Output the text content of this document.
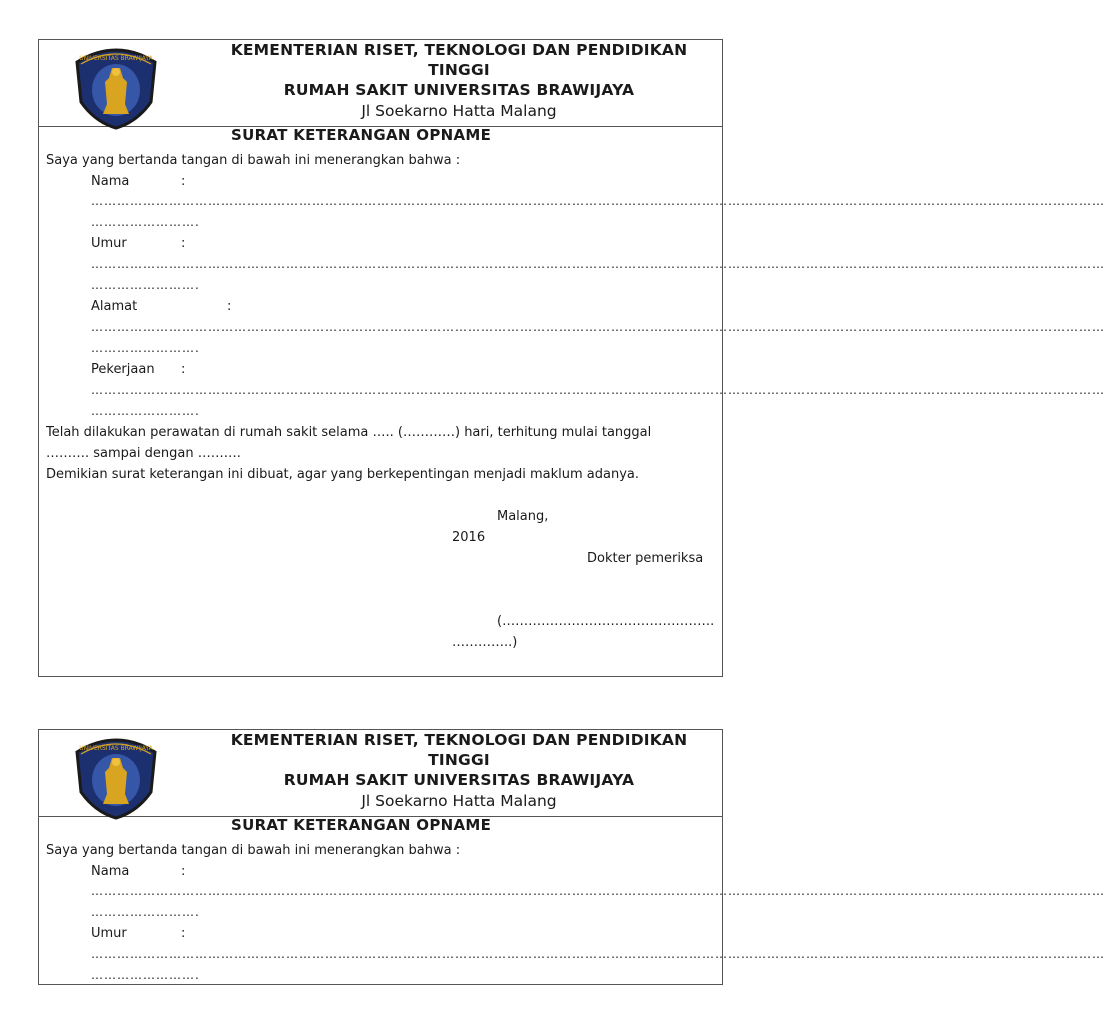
UNIVERSITAS BRAWIJAYA	KEMENTERIAN RISET, TEKNOLOGI DAN PENDIDIKAN
TINGGI
RUMAH SAKIT UNIVERSITAS BRAWIJAYA
Jl Soekarno Hatta Malang
SURAT KETERANGAN OPNAME
Saya yang bertanda tangan di bawah ini menerangkan bahwa :
Nama	:
………………………………………………………………………………………………………………………………………………………………………………………………………………
…………………….
Umur	:
………………………………………………………………………………………………………………………………………………………………………………………………………………
…………………….
Alamat	:
………………………………………………………………………………………………………………………………………………………………………………………………………………
…………………….
Pekerjaan :
………………………………………………………………………………………………………………………………………………………………………………………………………………
…………………….
Telah dilakukan perawatan di rumah sakit selama ….. (…………) hari, terhitung mulai tanggal
………. sampai dengan ……….
Demikian surat keterangan ini dibuat, agar yang berkepentingan menjadi maklum adanya.
Malang,
2016
Dokter pemeriksa
(………………………………………….
…………..)
UNIVERSITAS BRAWIJAYA	KEMENTERIAN RISET, TEKNOLOGI DAN PENDIDIKAN
TINGGI
RUMAH SAKIT UNIVERSITAS BRAWIJAYA
Jl Soekarno Hatta Malang
SURAT KETERANGAN OPNAME
Saya yang bertanda tangan di bawah ini menerangkan bahwa :
Nama	:
………………………………………………………………………………………………………………………………………………………………………………………………………………
…………………….
Umur	:
………………………………………………………………………………………………………………………………………………………………………………………………………………
…………………….
